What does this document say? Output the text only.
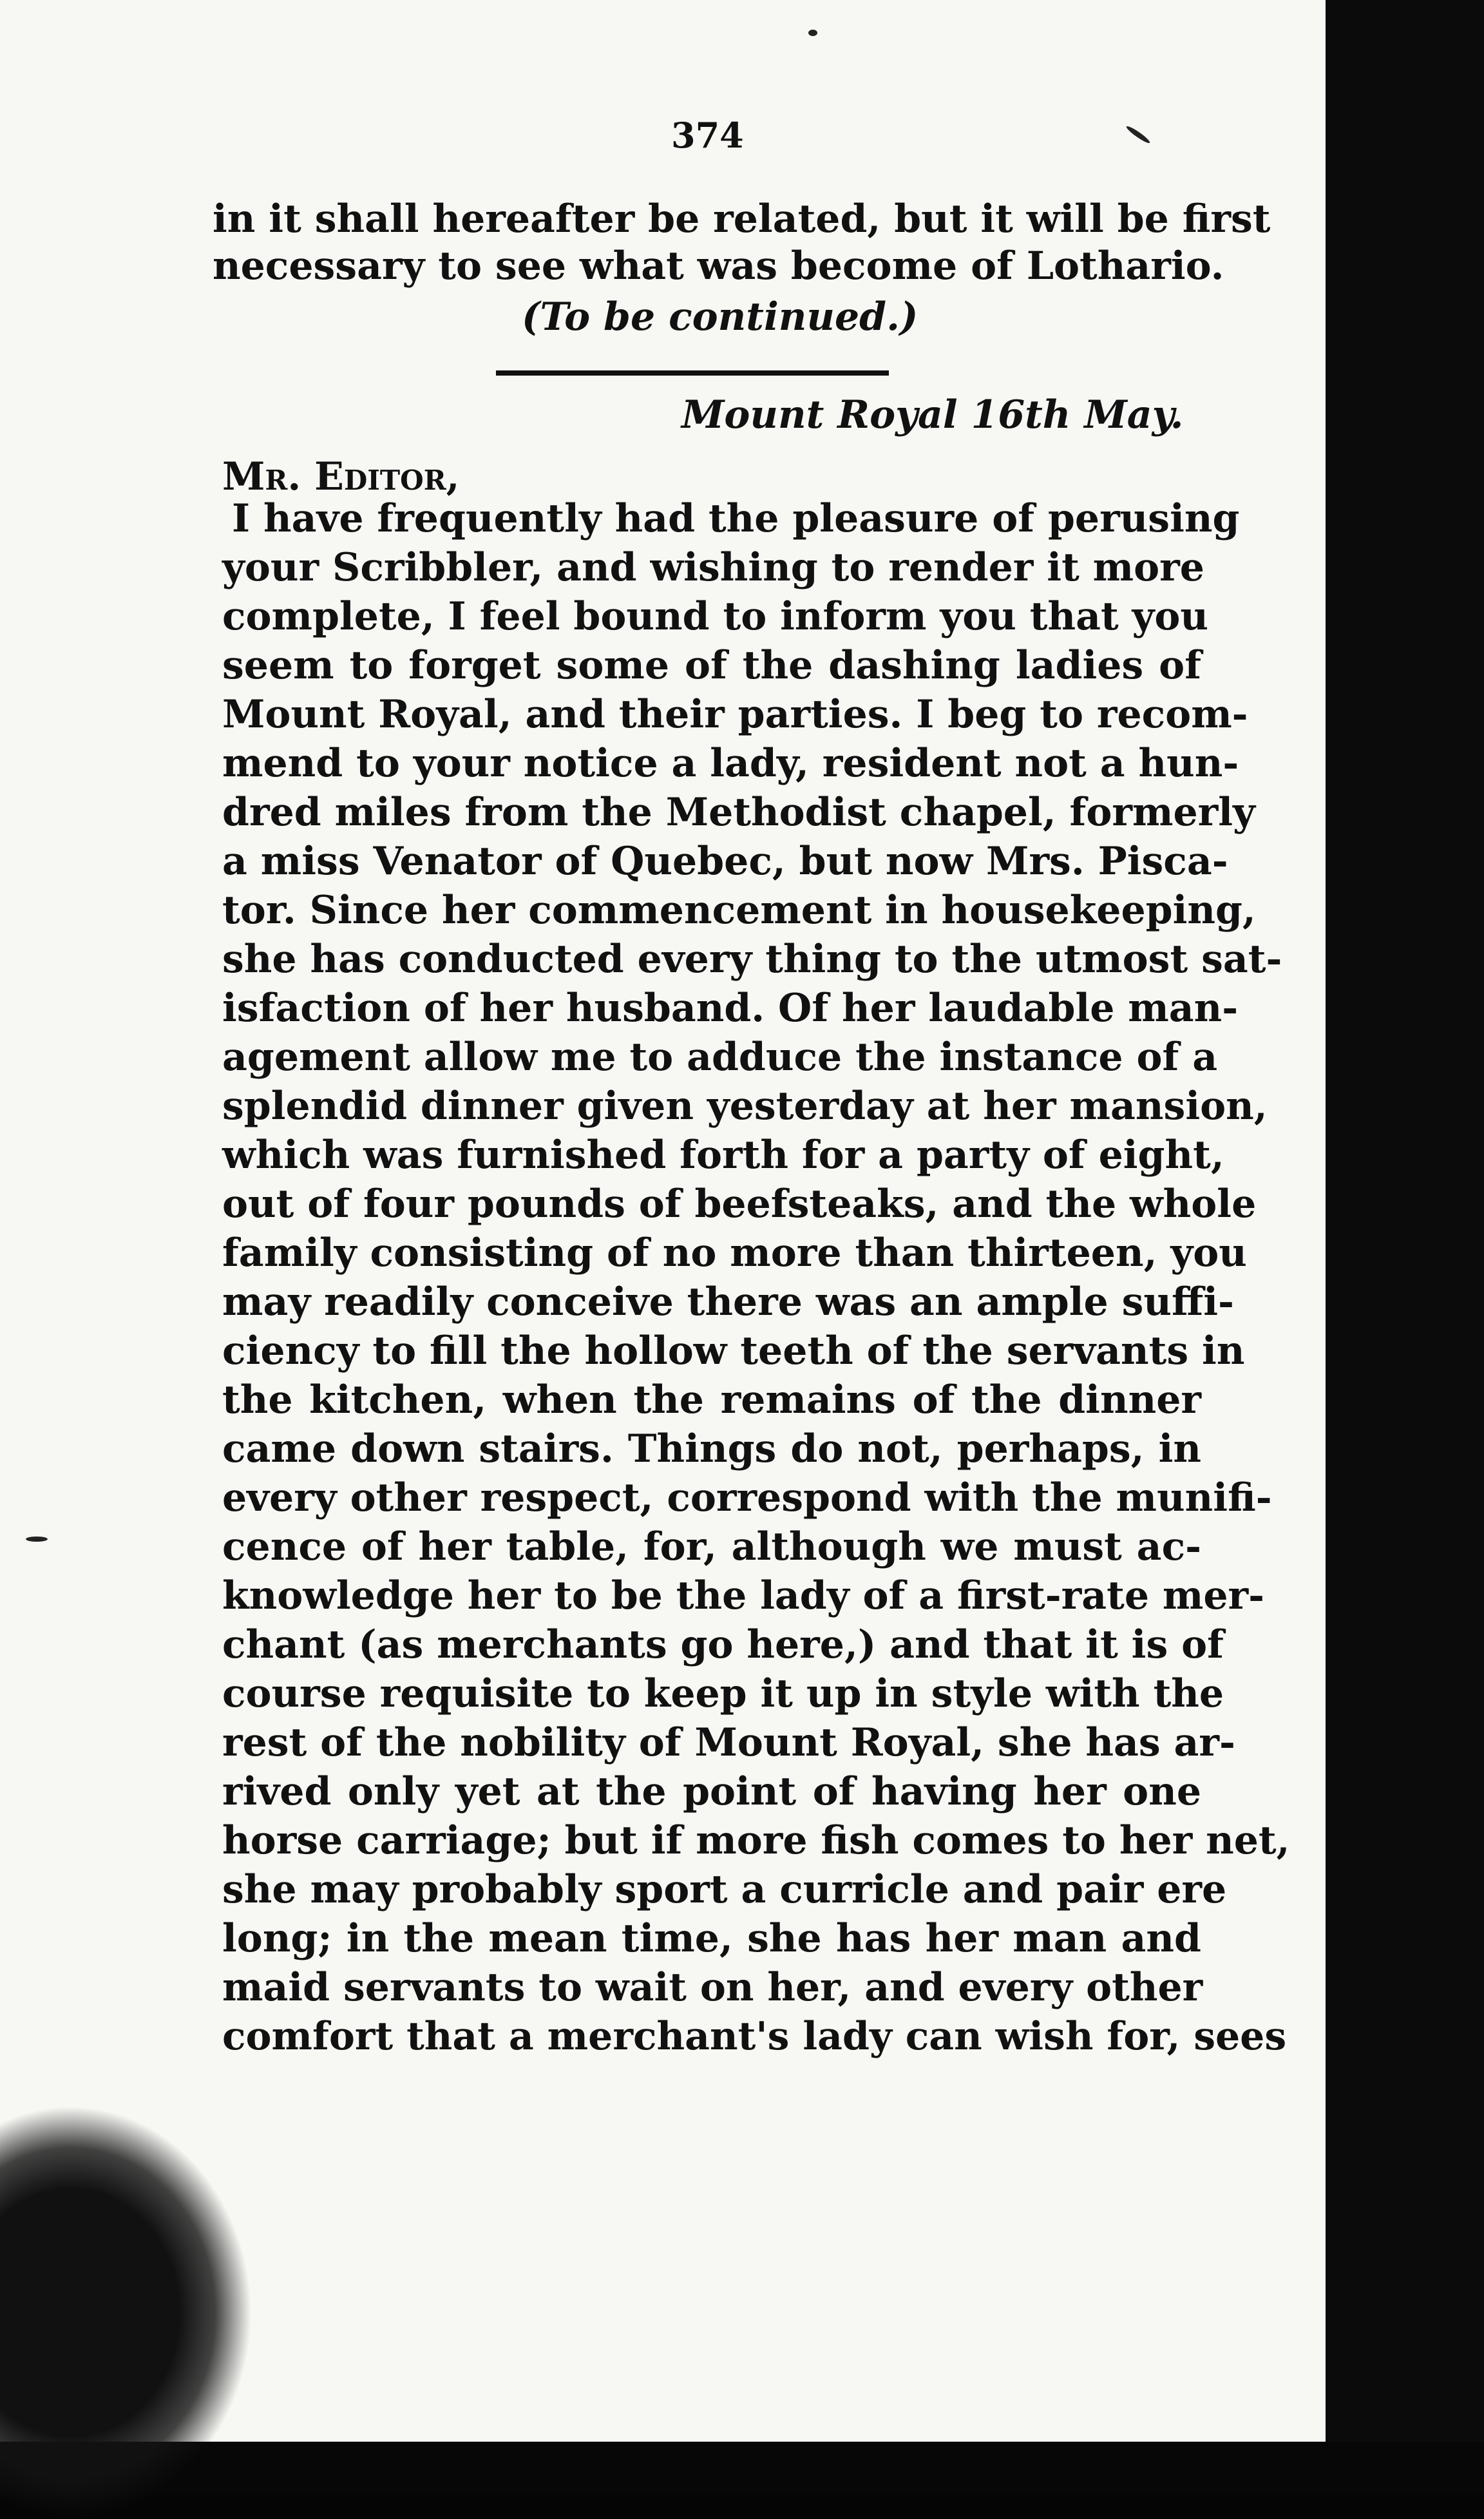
374
in it shall hereafter be related, but it will be first
necessary to see what was become of Lothario.
(To be continued.)
Mount Royal 16th May.
Mr. Editor,
I have frequently had the pleasure of perusing
your Scribbler, and wishing to render it more
complete, I feel bound to inform you that you
seem to forget some of the dashing ladies of
Mount Royal, and their parties. I beg to recom-
mend to your notice a lady, resident not a hun-
dred miles from the Methodist chapel, formerly
a miss Venator of Quebec, but now Mrs. Pisca-
tor. Since her commencement in housekeeping,
she has conducted every thing to the utmost sat-
isfaction of her husband. Of her laudable man-
agement allow me to adduce the instance of a
splendid dinner given yesterday at her mansion,
which was furnished forth for a party of eight,
out of four pounds of beefsteaks, and the whole
family consisting of no more than thirteen, you
may readily conceive there was an ample suffi-
ciency to fill the hollow teeth of the servants in
the kitchen, when the remains of the dinner
came down stairs. Things do not, perhaps, in
every other respect, correspond with the munifi-
cence of her table, for, although we must ac-
knowledge her to be the lady of a first-rate mer-
chant (as merchants go here,) and that it is of
course requisite to keep it up in style with the
rest of the nobility of Mount Royal, she has ar-
rived only yet at the point of having her one
horse carriage; but if more fish comes to her net,
she may probably sport a curricle and pair ere
long; in the mean time, she has her man and
maid servants to wait on her, and every other
comfort that a merchant's lady can wish for, sees
